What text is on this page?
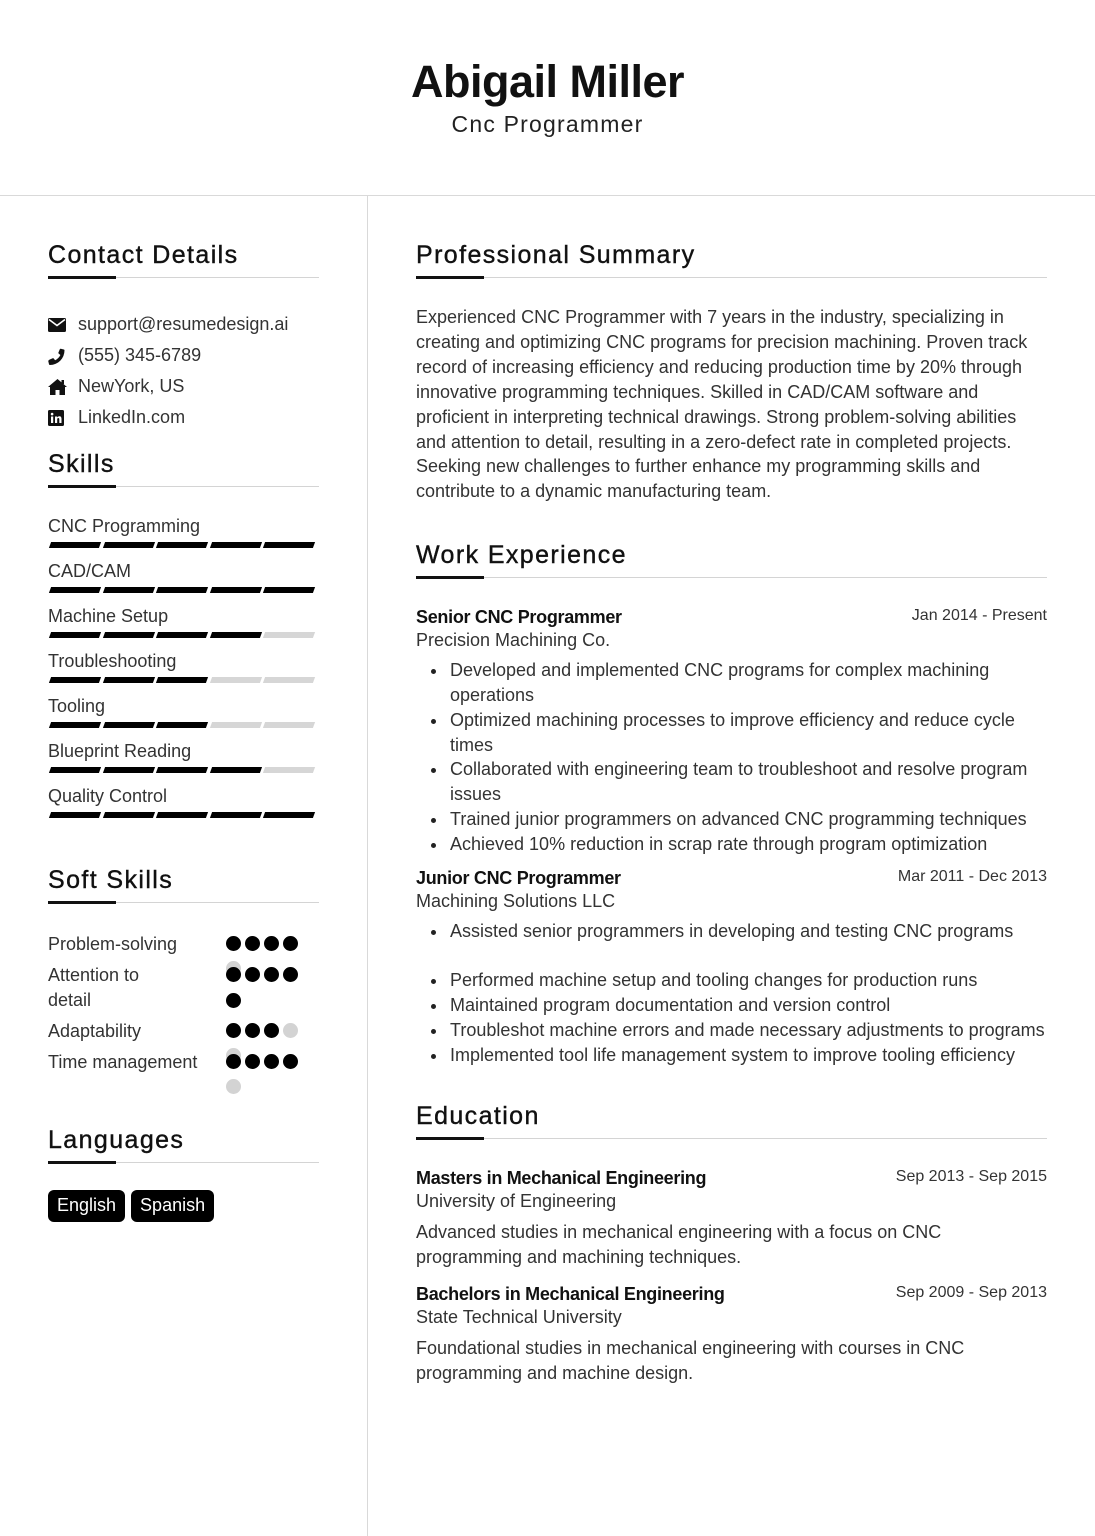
Abigail Miller
Cnc Programmer
Contact Details
support@resumedesign.ai
(555) 345-6789
NewYork, US
LinkedIn.com
Skills
CNC Programming
CAD/CAM
Machine Setup
Troubleshooting
Tooling
Blueprint Reading
Quality Control
Soft Skills
Problem-solving
Attention to detail
Adaptability
Time management
Languages
English	Spanish
Professional Summary

Experienced CNC Programmer with 7 years in the industry, specializing in creating and optimizing CNC programs for precision machining. Proven track record of increasing efficiency and reducing production time by 20% through innovative programming techniques. Skilled in CAD/CAM software and proficient in interpreting technical drawings. Strong problem-solving abilities and attention to detail, resulting in a zero-defect rate in completed projects. Seeking new challenges to further enhance my programming skills and contribute to a dynamic manufacturing team.

Work Experience
Senior CNC Programmer	Jan 2014 - Present
Precision Machining Co.
Developed and implemented CNC programs for complex machining operations
Optimized machining processes to improve efficiency and reduce cycle times
Collaborated with engineering team to troubleshoot and resolve program issues
Trained junior programmers on advanced CNC programming techniques
Achieved 10% reduction in scrap rate through program optimization
Junior CNC Programmer	Mar 2011 - Dec 2013
Machining Solutions LLC
Assisted senior programmers in developing and testing CNC programs
Performed machine setup and tooling changes for production runs
Maintained program documentation and version control
Troubleshot machine errors and made necessary adjustments to programs
Implemented tool life management system to improve tooling efficiency
Education
Masters in Mechanical Engineering	Sep 2013 - Sep 2015
University of Engineering

Advanced studies in mechanical engineering with a focus on CNC programming and machining techniques.

Bachelors in Mechanical Engineering	Sep 2009 - Sep 2013
State Technical University

Foundational studies in mechanical engineering with courses in CNC programming and machine design.
